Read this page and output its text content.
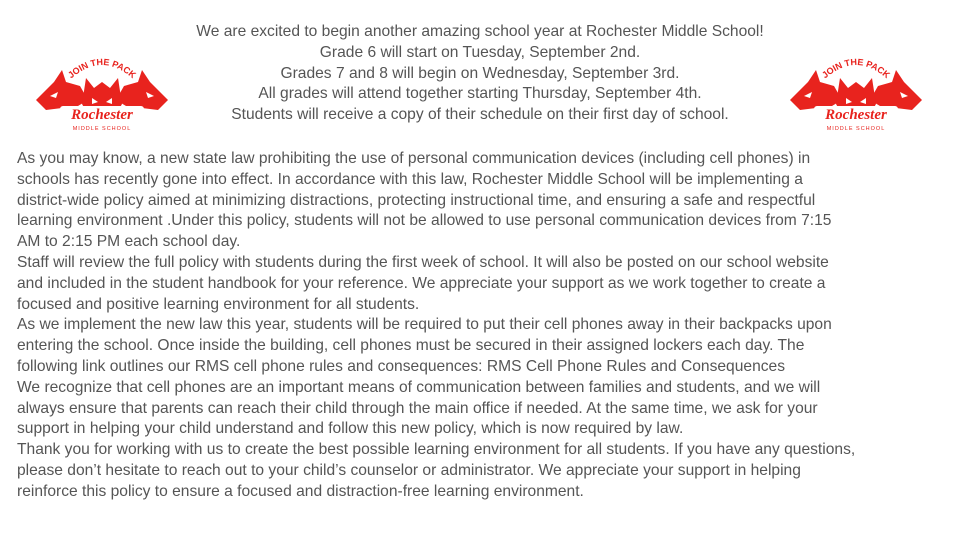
We are excited to begin another amazing school year at Rochester Middle School!
Grade 6 will start on Tuesday, September 2nd.
Grades 7 and 8 will begin on Wednesday, September 3rd.
All grades will attend together starting Thursday, September 4th.
Students will receive a copy of their schedule on their first day of school.
JOIN THE PACK
Rochester
MIDDLE SCHOOL
JOIN THE PACK
Rochester
MIDDLE SCHOOL
As you may know, a new state law prohibiting the use of personal communication devices (including cell phones) in
schools has recently gone into effect. In accordance with this law, Rochester Middle School will be implementing a
district-wide policy aimed at minimizing distractions, protecting instructional time, and ensuring a safe and respectful
learning environment .Under this policy, students will not be allowed to use personal communication devices from 7:15
AM to 2:15 PM each school day.
Staff will review the full policy with students during the first week of school. It will also be posted on our school website
and included in the student handbook for your reference. We appreciate your support as we work together to create a
focused and positive learning environment for all students.
As we implement the new law this year, students will be required to put their cell phones away in their backpacks upon
entering the school. Once inside the building, cell phones must be secured in their assigned lockers each day. The
following link outlines our RMS cell phone rules and consequences: RMS Cell Phone Rules and Consequences
We recognize that cell phones are an important means of communication between families and students, and we will
always ensure that parents can reach their child through the main office if needed. At the same time, we ask for your
support in helping your child understand and follow this new policy, which is now required by law.
Thank you for working with us to create the best possible learning environment for all students. If you have any questions,
please don’t hesitate to reach out to your child’s counselor or administrator. We appreciate your support in helping
reinforce this policy to ensure a focused and distraction-free learning environment.
